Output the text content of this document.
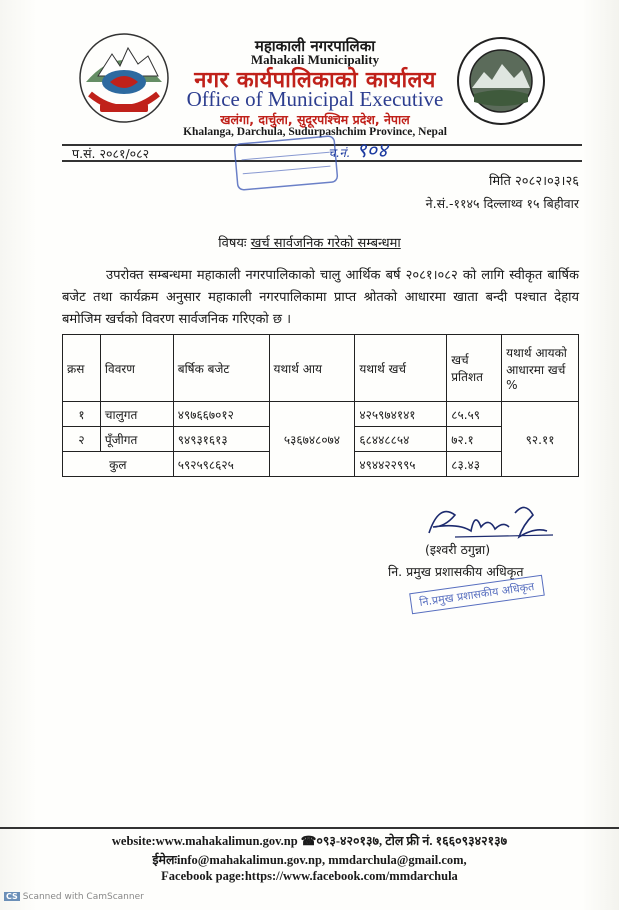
महाकाली नगरपालिका
Mahakali Municipality
नगर कार्यपालिकाको कार्यालय
Office of Municipal Executive
खलंगा, दार्चुला, सुदूरपश्चिम प्रदेश, नेपाल
Khalanga, Darchula, Sudurpashchim Province, Nepal
प.सं. २०८१/०८२	च.नं. ९०४
मिति २०८२।०३।२६
ने.सं.-११४५ दिल्लाथ्व १५ बिहीवार
विषयः खर्च सार्वजनिक गरेको सम्बन्धमा
उपरोक्त सम्बन्धमा महाकाली नगरपालिकाको चालु आर्थिक बर्ष २०८१।०८२ को लागि स्वीकृत बार्षिक बजेट तथा कार्यक्रम अनुसार महाकाली नगरपालिकामा प्राप्त श्रोतको आधारमा खाता बन्दी पश्चात देहाय बमोजिम खर्चको विवरण सार्वजनिक गरिएको छ ।
क्र‌स	विवरण	बर्षिक बजेट	यथार्थ आय	यथार्थ खर्च	खर्च प्रतिशत	यथार्थ आयको आधारमा खर्च %
१	चालुगत	४९७६६७०१२	५३६७४८०७४	४२५९७४१४१	८५.५९	९२.११
२	पूँजीगत	९४९३१६१३		६८४४८८५४	७२.१	
कुल		५९२५९८६२५		४९४४२२९९५	८३.४३	
(इश्वरी ठगुन्ना)
नि. प्रमुख प्रशासकीय अधिकृत
नि.प्रमुख प्रशासकीय अधिकृत
website:www.mahakalimun.gov.np ☎०९३-४२०१३७, टोल फ्री नं. १६६०९३४२१३७
ईमेलःinfo@mahakalimun.gov.np, mmdarchula@gmail.com,
Facebook page:https://www.facebook.com/mmdarchula
CS Scanned with CamScanner
